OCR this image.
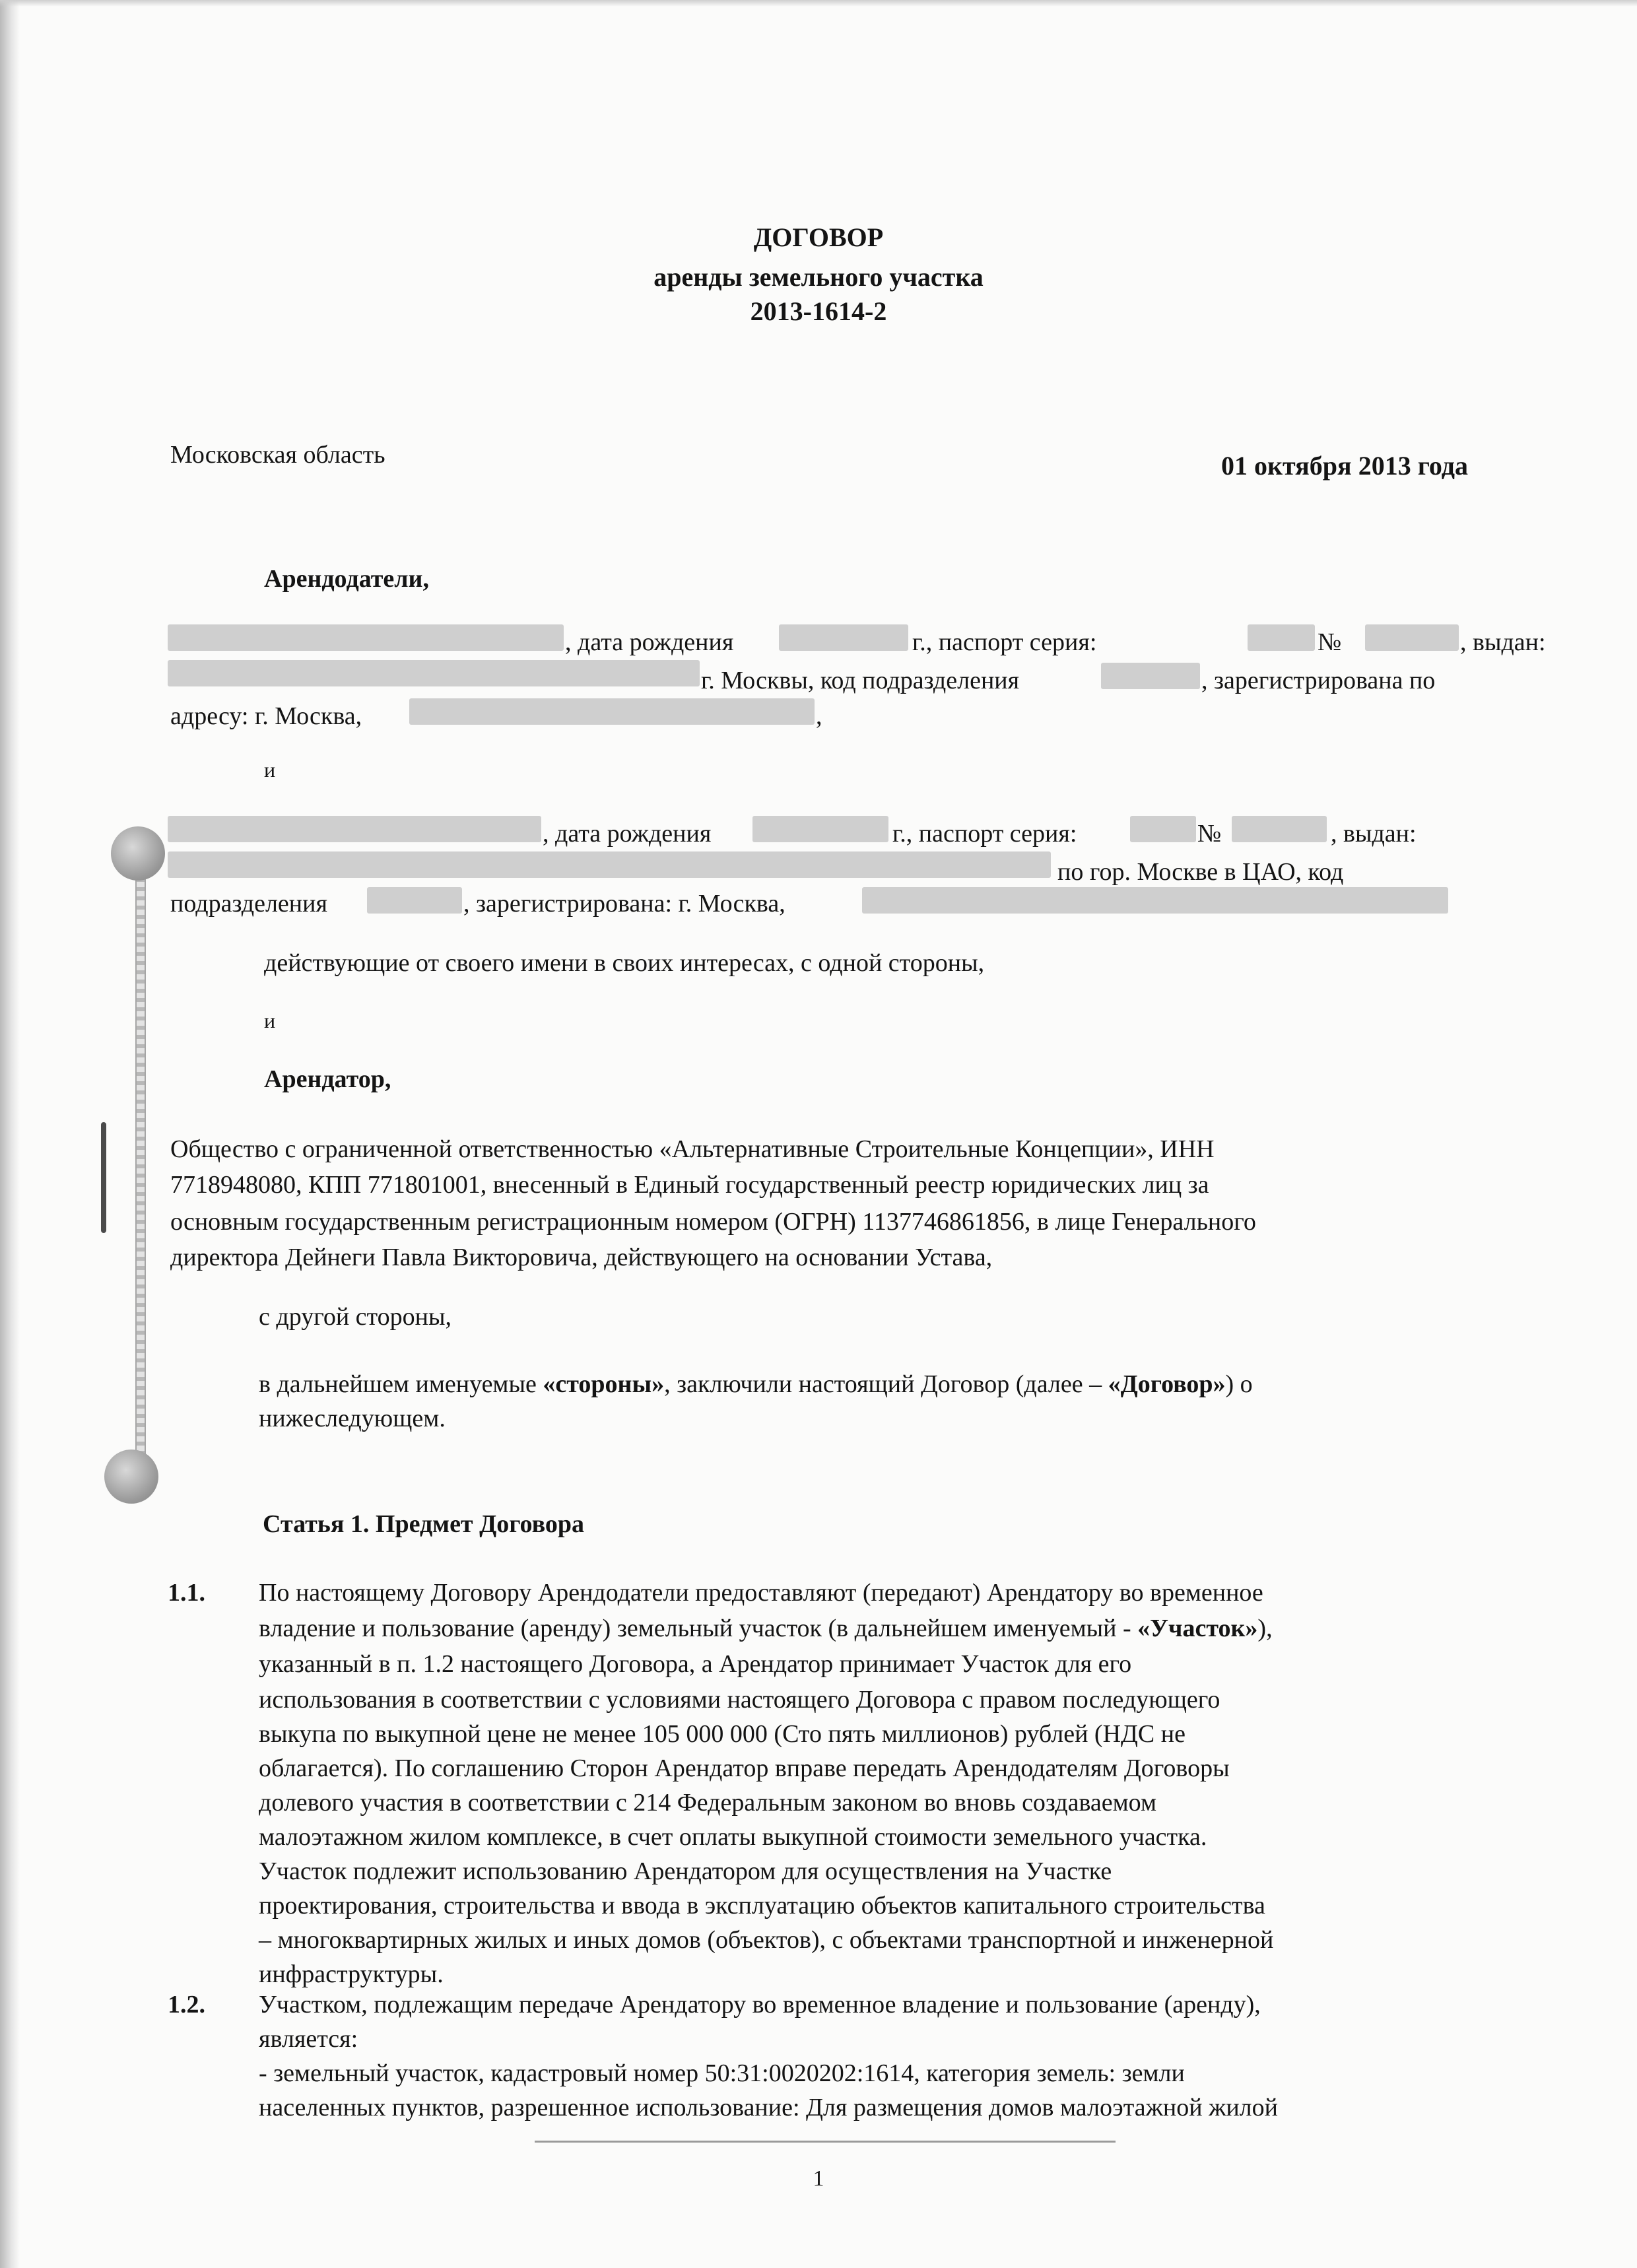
ДОГОВОР
аренды земельного участка
2013-1614-2
Московская область	01 октября 2013 года
Арендодатели,
, дата рождения	г., паспорт серия:	№	, выдан:
г. Москвы, код подразделения	, зарегистрирована по
адресу: г. Москва,	,
и
, дата рождения	г., паспорт серия:	№	, выдан:
по гор. Москве в ЦАО, код
подразделения	, зарегистрирована: г. Москва,
действующие от своего имени в своих интересах, с одной стороны,
и
Арендатор,
Общество с ограниченной ответственностью «Альтернативные Строительные Концепции», ИНН
7718948080, КПП 771801001, внесенный в Единый государственный реестр юридических лиц за
основным государственным регистрационным номером (ОГРН) 1137746861856, в лице Генерального
директора Дейнеги Павла Викторовича, действующего на основании Устава,
с другой стороны,
в дальнейшем именуемые «стороны», заключили настоящий Договор (далее – «Договор») о
нижеследующем.
Статья 1. Предмет Договора
1.1. По настоящему Договору Арендодатели предоставляют (передают) Арендатору во временное
владение и пользование (аренду) земельный участок (в дальнейшем именуемый - «Участок»),
указанный в п. 1.2 настоящего Договора, а Арендатор принимает Участок для его
использования в соответствии с условиями настоящего Договора с правом последующего
выкупа по выкупной цене не менее 105 000 000 (Сто пять миллионов) рублей (НДС не
облагается). По соглашению Сторон Арендатор вправе передать Арендодателям Договоры
долевого участия в соответствии с 214 Федеральным законом во вновь создаваемом
малоэтажном жилом комплексе, в счет оплаты выкупной стоимости земельного участка.
Участок подлежит использованию Арендатором для осуществления на Участке
проектирования, строительства и ввода в эксплуатацию объектов капитального строительства
– многоквартирных жилых и иных домов (объектов), с объектами транспортной и инженерной
инфраструктуры.
1.2. Участком, подлежащим передаче Арендатору во временное владение и пользование (аренду),
является:
- земельный участок, кадастровый номер 50:31:0020202:1614, категория земель: земли
населенных пунктов, разрешенное использование: Для размещения домов малоэтажной жилой
1
